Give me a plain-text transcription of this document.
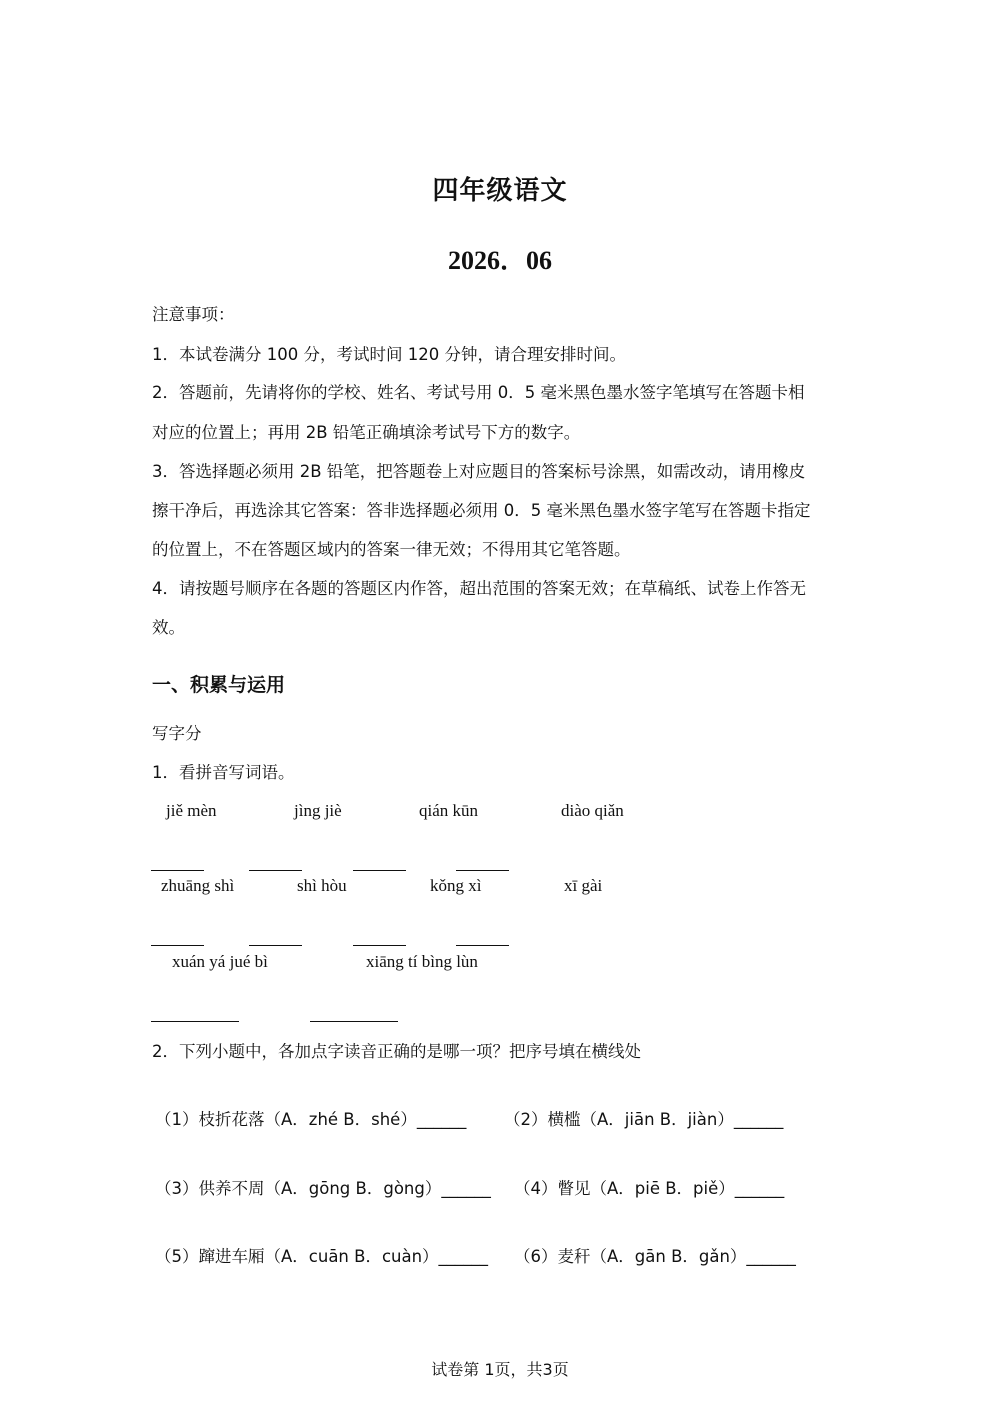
四年级语文
2026．06
注意事项：
1．本试卷满分 100 分，考试时间 120 分钟，请合理安排时间。
2．答题前，先请将你的学校、姓名、考试号用 0．5 毫米黑色墨水签字笔填写在答题卡相
对应的位置上；再用 2B 铅笔正确填涂考试号下方的数字。
3．答选择题必须用 2B 铅笔，把答题卷上对应题目的答案标号涂黑，如需改动，请用橡皮
擦干净后，再选涂其它答案：答非选择题必须用 0．5 毫米黑色墨水签字笔写在答题卡指定
的位置上，不在答题区域内的答案一律无效；不得用其它笔答题。
4．请按题号顺序在各题的答题区内作答，超出范围的答案无效；在草稿纸、试卷上作答无
效。
一、积累与运用
写字分
1．看拼音写词语。
jiě mèn	jìng jiè	qián kūn	diào qiǎn
zhuāng shì	shì hòu	kǒng xì	xī gài
xuán yá jué bì	xiāng tí bìng lùn
2．下列小题中，各加点字读音正确的是哪一项？把序号填在横线处
（1）枝折花落（A．zhé B．shé）______ （2）横槛（A．jiān B．jiàn）______
（3）供养不周（A．gōng B．gòng）______ （4）瞥见（A．piē B．piě）______
（5）蹿进车厢（A．cuān B．cuàn）______ （6）麦秆（A．gān B．gǎn）______
试卷第 1页，共3页
